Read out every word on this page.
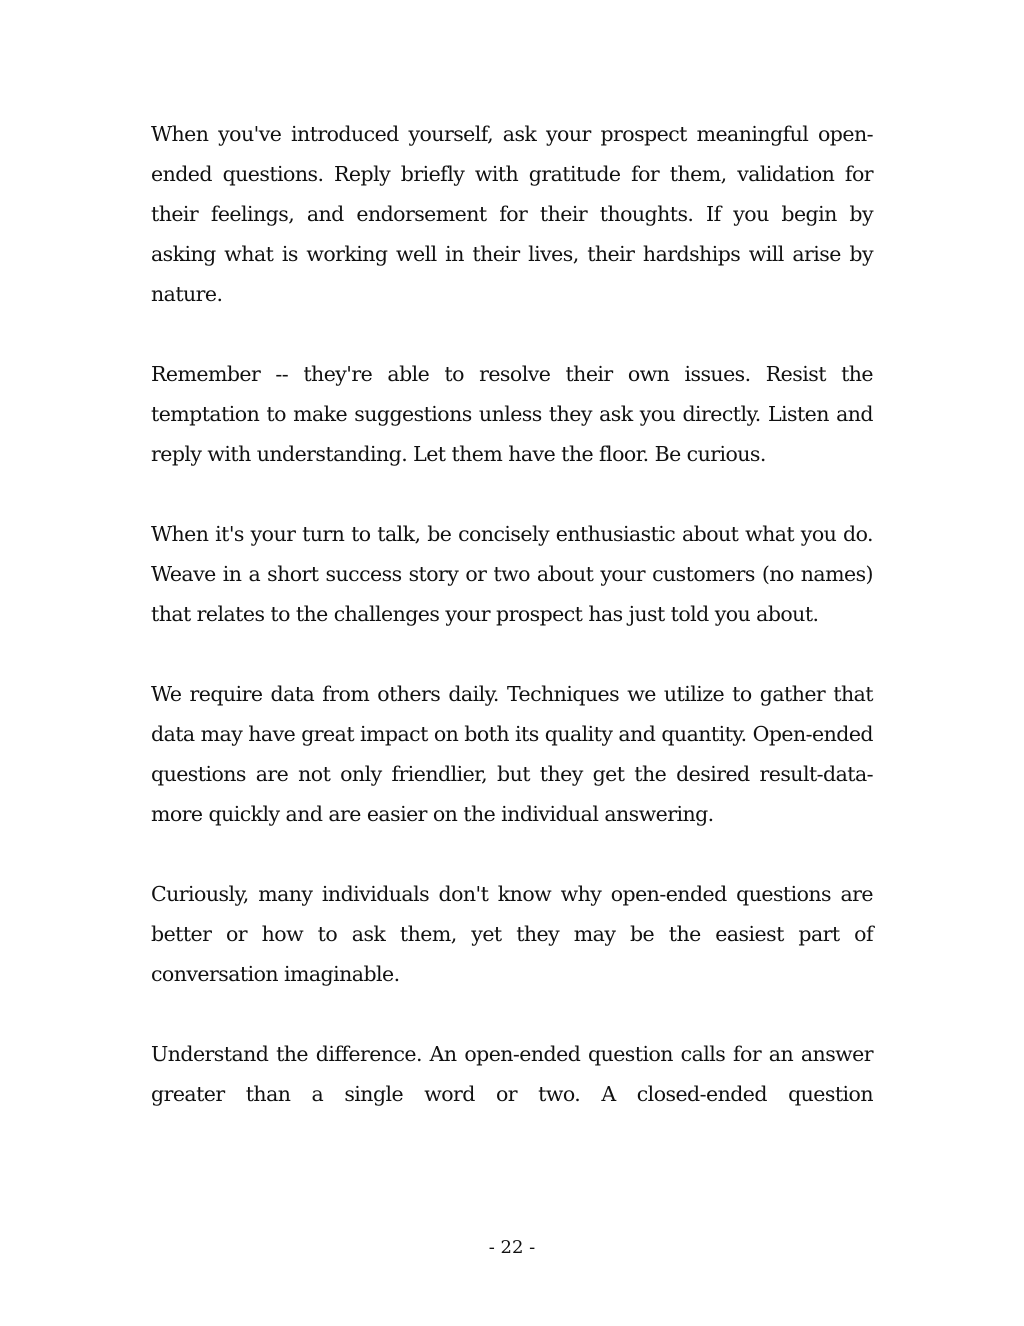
When you've introduced yourself, ask your prospect meaningful open-ended questions. Reply briefly with gratitude for them, validation for their feelings, and endorsement for their thoughts. If you begin by asking what is working well in their lives, their hardships will arise by nature.

Remember -- they're able to resolve their own issues. Resist the temptation to make suggestions unless they ask you directly. Listen and reply with understanding. Let them have the floor. Be curious.

When it's your turn to talk, be concisely enthusiastic about what you do. Weave in a short success story or two about your customers (no names) that relates to the challenges your prospect has just told you about.

We require data from others daily. Techniques we utilize to gather that data may have great impact on both its quality and quantity. Open-ended questions are not only friendlier, but they get the desired result-data- more quickly and are easier on the individual answering.

Curiously, many individuals don't know why open-ended questions are better or how to ask them, yet they may be the easiest part of conversation imaginable.

Understand the difference. An open-ended question calls for an answer greater than a single word or two. A closed-ended question

- 22 -
